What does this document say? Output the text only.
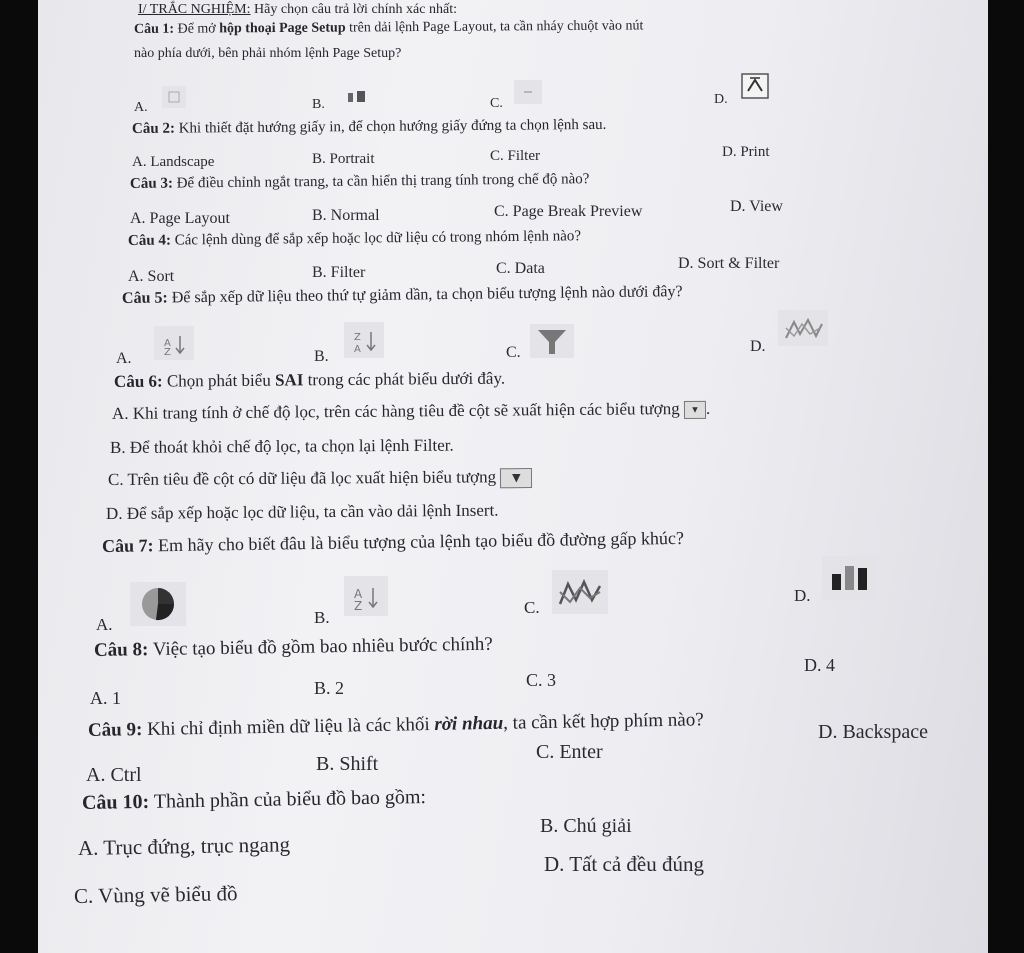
I/ TRẮC NGHIỆM: Hãy chọn câu trả lời chính xác nhất:
Câu 1: Để mở hộp thoại Page Setup trên dải lệnh Page Layout, ta cần nháy chuột vào nút
nào phía dưới, bên phải nhóm lệnh Page Setup?
A.	B.	C.	D.
Câu 2: Khi thiết đặt hướng giấy in, để chọn hướng giấy đứng ta chọn lệnh sau.
A. Landscape	B. Portrait	C. Filter	D. Print
Câu 3: Để điều chỉnh ngắt trang, ta cần hiển thị trang tính trong chế độ nào?
A. Page Layout	B. Normal	C. Page Break Preview	D. View
Câu 4: Các lệnh dùng để sắp xếp hoặc lọc dữ liệu có trong nhóm lệnh nào?
A. Sort	B. Filter	C. Data	D. Sort & Filter
Câu 5: Để sắp xếp dữ liệu theo thứ tự giảm dần, ta chọn biểu tượng lệnh nào dưới đây?
A.
A
Z	B.
Z
A	C.	D.
Câu 6: Chọn phát biểu SAI trong các phát biểu dưới đây.
A. Khi trang tính ở chế độ lọc, trên các hàng tiêu đề cột sẽ xuất hiện các biểu tượng ▾ .
B. Để thoát khỏi chế độ lọc, ta chọn lại lệnh Filter.
C. Trên tiêu đề cột có dữ liệu đã lọc xuất hiện biểu tượng ▼
D. Để sắp xếp hoặc lọc dữ liệu, ta cần vào dải lệnh Insert.
Câu 7: Em hãy cho biết đâu là biểu tượng của lệnh tạo biểu đồ đường gấp khúc?
A.	B.
A
Z	C.
D.
Câu 8: Việc tạo biểu đồ gồm bao nhiêu bước chính?
A. 1	B. 2	C. 3
D. 4
Câu 9: Khi chỉ định miền dữ liệu là các khối rời nhau, ta cần kết hợp phím nào?
A. Ctrl	B. Shift
C. Enter
D. Backspace
Câu 10: Thành phần của biểu đồ bao gồm:
A. Trục đứng, trục ngang
B. Chú giải
C. Vùng vẽ biểu đồ
D. Tất cả đều đúng
